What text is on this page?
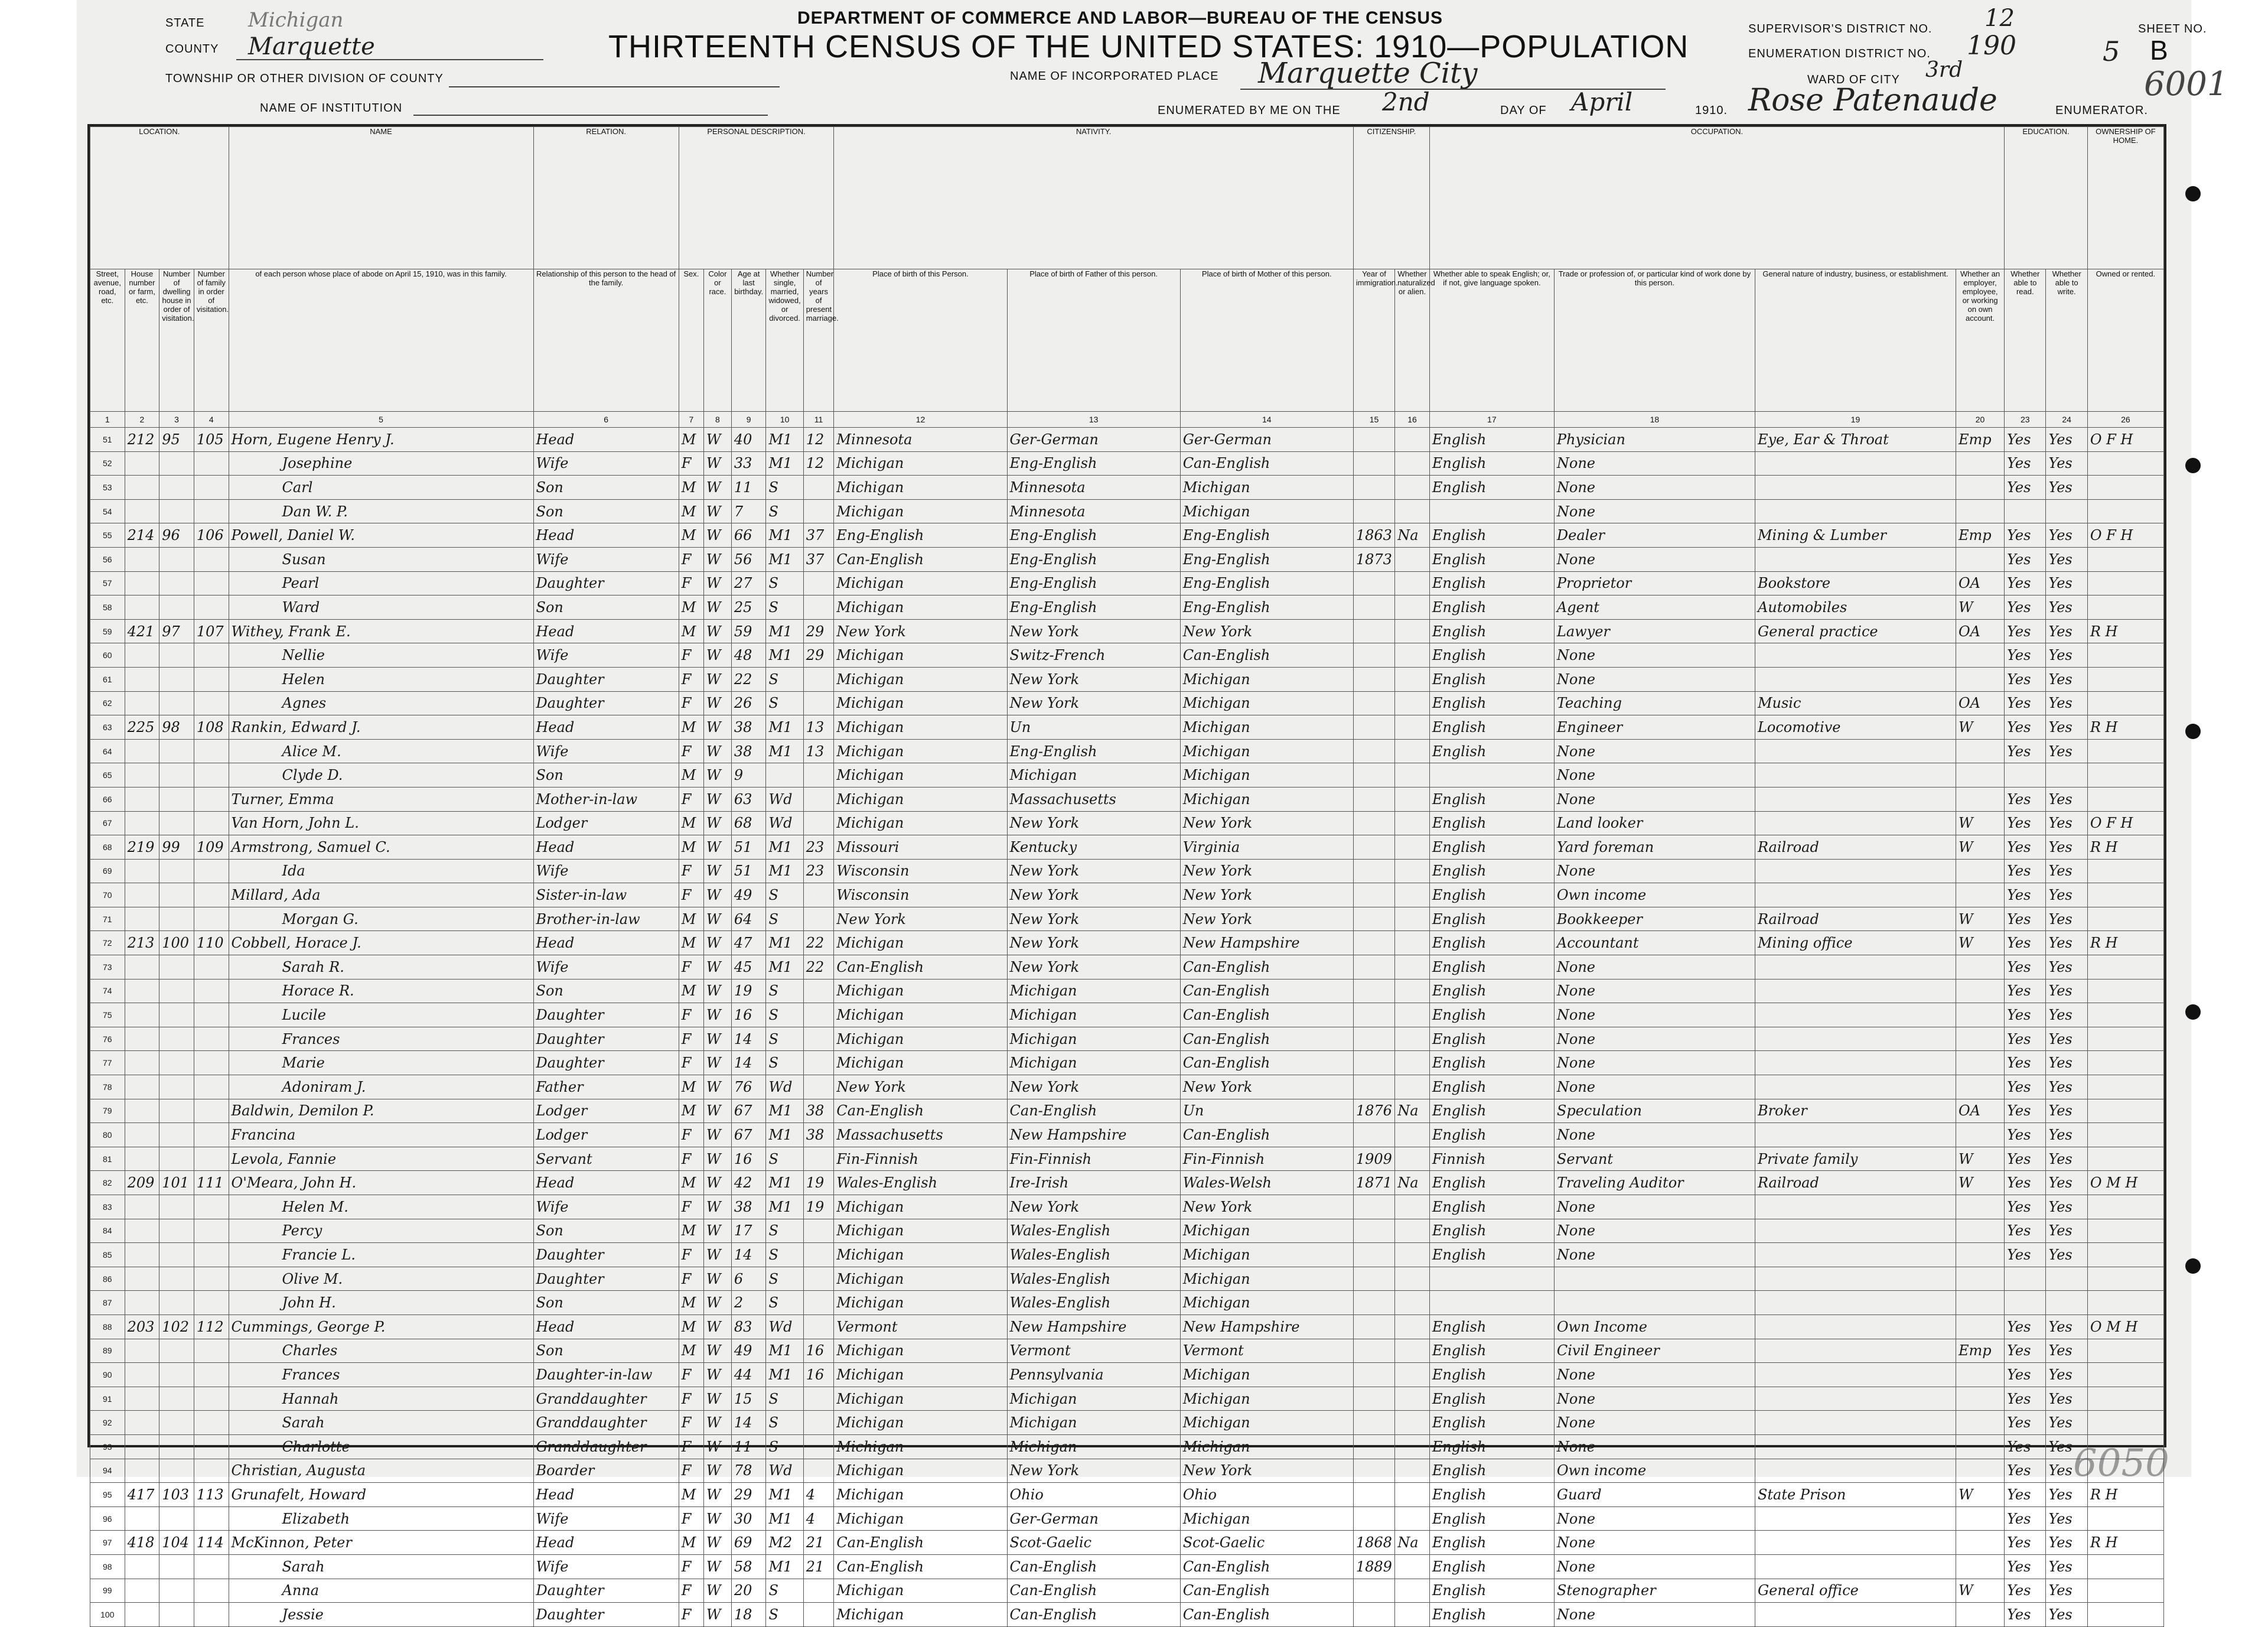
STATE Michigan
COUNTY Marquette
TOWNSHIP OR OTHER DIVISION OF COUNTY
DEPARTMENT OF COMMERCE AND LABOR—BUREAU OF THE CENSUS
THIRTEENTH CENSUS OF THE UNITED STATES: 1910—POPULATION
NAME OF INCORPORATED PLACE Marquette City
SUPERVISOR'S DISTRICT NO. 12
ENUMERATION DISTRICT NO. 190
SHEET NO.
5 B
WARD OF CITY 3rd
NAME OF INSTITUTION	ENUMERATED BY ME ON THE 2nd	DAY OF April	1910. Rose Patenaude	ENUMERATOR.
6001
6050
LOCATION.				NAME	RELATION.	PERSONAL DESCRIPTION.					NATIVITY.			CITIZENSHIP.		OCCUPATION.				EDUCATION.		OWNERSHIP OF HOME.
Street, avenue, road, etc.	House number or farm, etc.	Number of dwelling house in order of visitation.	Number of family in order of visitation.	of each person whose place of abode on April 15, 1910, was in this family.	Relationship of this person to the head of the family.	Sex.	Color or race.	Age at last birthday.	Whether single, married, widowed, or divorced.	Number of years of present marriage.	Place of birth of this Person.	Place of birth of Father of this person.	Place of birth of Mother of this person.	Year of immigration.	Whether naturalized or alien.	Whether able to speak English; or, if not, give language spoken.	Trade or profession of, or particular kind of work done by this person.	General nature of industry, business, or establishment.	Whether an employer, employee, or working on own account.	Whether able to read.	Whether able to write.	Owned or rented.
1	2	3	4	5	6	7	8	9	10	11	12	13	14	15	16	17	18	19	20	23	24	26
51	212	95	105	Horn, Eugene Henry J.	Head	M	W	40	M1	12	Minnesota	Ger-German	Ger-German			English	Physician	Eye, Ear & Throat	Emp	Yes	Yes	O F H
52				Josephine	Wife	F	W	33	M1	12	Michigan	Eng-English	Can-English			English	None			Yes	Yes	
53				Carl	Son	M	W	11	S		Michigan	Minnesota	Michigan			English	None			Yes	Yes	
54				Dan W. P.	Son	M	W	7	S		Michigan	Minnesota	Michigan				None					
55	214	96	106	Powell, Daniel W.	Head	M	W	66	M1	37	Eng-English	Eng-English	Eng-English	1863	Na	English	Dealer	Mining & Lumber	Emp	Yes	Yes	O F H
56				Susan	Wife	F	W	56	M1	37	Can-English	Eng-English	Eng-English	1873		English	None			Yes	Yes	
57				Pearl	Daughter	F	W	27	S		Michigan	Eng-English	Eng-English			English	Proprietor	Bookstore	OA	Yes	Yes	
58				Ward	Son	M	W	25	S		Michigan	Eng-English	Eng-English			English	Agent	Automobiles	W	Yes	Yes	
59	421	97	107	Withey, Frank E.	Head	M	W	59	M1	29	New York	New York	New York			English	Lawyer	General practice	OA	Yes	Yes	R H
60				Nellie	Wife	F	W	48	M1	29	Michigan	Switz-French	Can-English			English	None			Yes	Yes	
61				Helen	Daughter	F	W	22	S		Michigan	New York	Michigan			English	None			Yes	Yes	
62				Agnes	Daughter	F	W	26	S		Michigan	New York	Michigan			English	Teaching	Music	OA	Yes	Yes	
63	225	98	108	Rankin, Edward J.	Head	M	W	38	M1	13	Michigan	Un	Michigan			English	Engineer	Locomotive	W	Yes	Yes	R H
64				Alice M.	Wife	F	W	38	M1	13	Michigan	Eng-English	Michigan			English	None			Yes	Yes	
65				Clyde D.	Son	M	W	9			Michigan	Michigan	Michigan				None					
66				Turner, Emma	Mother-in-law	F	W	63	Wd		Michigan	Massachusetts	Michigan			English	None			Yes	Yes	
67				Van Horn, John L.	Lodger	M	W	68	Wd		Michigan	New York	New York			English	Land looker		W	Yes	Yes	O F H
68	219	99	109	Armstrong, Samuel C.	Head	M	W	51	M1	23	Missouri	Kentucky	Virginia			English	Yard foreman	Railroad	W	Yes	Yes	R H
69				Ida	Wife	F	W	51	M1	23	Wisconsin	New York	New York			English	None			Yes	Yes	
70				Millard, Ada	Sister-in-law	F	W	49	S		Wisconsin	New York	New York			English	Own income			Yes	Yes	
71				Morgan G.	Brother-in-law	M	W	64	S		New York	New York	New York			English	Bookkeeper	Railroad	W	Yes	Yes	
72	213	100	110	Cobbell, Horace J.	Head	M	W	47	M1	22	Michigan	New York	New Hampshire			English	Accountant	Mining office	W	Yes	Yes	R H
73				Sarah R.	Wife	F	W	45	M1	22	Can-English	New York	Can-English			English	None			Yes	Yes	
74				Horace R.	Son	M	W	19	S		Michigan	Michigan	Can-English			English	None			Yes	Yes	
75				Lucile	Daughter	F	W	16	S		Michigan	Michigan	Can-English			English	None			Yes	Yes	
76				Frances	Daughter	F	W	14	S		Michigan	Michigan	Can-English			English	None			Yes	Yes	
77				Marie	Daughter	F	W	14	S		Michigan	Michigan	Can-English			English	None			Yes	Yes	
78				Adoniram J.	Father	M	W	76	Wd		New York	New York	New York			English	None			Yes	Yes	
79				Baldwin, Demilon P.	Lodger	M	W	67	M1	38	Can-English	Can-English	Un	1876	Na	English	Speculation	Broker	OA	Yes	Yes	
80				Francina	Lodger	F	W	67	M1	38	Massachusetts	New Hampshire	Can-English			English	None			Yes	Yes	
81				Levola, Fannie	Servant	F	W	16	S		Fin-Finnish	Fin-Finnish	Fin-Finnish	1909		Finnish	Servant	Private family	W	Yes	Yes	
82	209	101	111	O'Meara, John H.	Head	M	W	42	M1	19	Wales-English	Ire-Irish	Wales-Welsh	1871	Na	English	Traveling Auditor	Railroad	W	Yes	Yes	O M H
83				Helen M.	Wife	F	W	38	M1	19	Michigan	New York	New York			English	None			Yes	Yes	
84				Percy	Son	M	W	17	S		Michigan	Wales-English	Michigan			English	None			Yes	Yes	
85				Francie L.	Daughter	F	W	14	S		Michigan	Wales-English	Michigan			English	None			Yes	Yes	
86				Olive M.	Daughter	F	W	6	S		Michigan	Wales-English	Michigan									
87				John H.	Son	M	W	2	S		Michigan	Wales-English	Michigan									
88	203	102	112	Cummings, George P.	Head	M	W	83	Wd		Vermont	New Hampshire	New Hampshire			English	Own Income			Yes	Yes	O M H
89				Charles	Son	M	W	49	M1	16	Michigan	Vermont	Vermont			English	Civil Engineer		Emp	Yes	Yes	
90				Frances	Daughter-in-law	F	W	44	M1	16	Michigan	Pennsylvania	Michigan			English	None			Yes	Yes	
91				Hannah	Granddaughter	F	W	15	S		Michigan	Michigan	Michigan			English	None			Yes	Yes	
92				Sarah	Granddaughter	F	W	14	S		Michigan	Michigan	Michigan			English	None			Yes	Yes	
93				Charlotte	Granddaughter	F	W	11	S		Michigan	Michigan	Michigan			English	None			Yes	Yes	
94				Christian, Augusta	Boarder	F	W	78	Wd		Michigan	New York	New York			English	Own income			Yes	Yes	
95	417	103	113	Grunafelt, Howard	Head	M	W	29	M1	4	Michigan	Ohio	Ohio			English	Guard	State Prison	W	Yes	Yes	R H
96				Elizabeth	Wife	F	W	30	M1	4	Michigan	Ger-German	Michigan			English	None			Yes	Yes	
97	418	104	114	McKinnon, Peter	Head	M	W	69	M2	21	Can-English	Scot-Gaelic	Scot-Gaelic	1868	Na	English	None			Yes	Yes	R H
98				Sarah	Wife	F	W	58	M1	21	Can-English	Can-English	Can-English	1889		English	None			Yes	Yes	
99				Anna	Daughter	F	W	20	S		Michigan	Can-English	Can-English			English	Stenographer	General office	W	Yes	Yes	
100				Jessie	Daughter	F	W	18	S		Michigan	Can-English	Can-English			English	None			Yes	Yes	
